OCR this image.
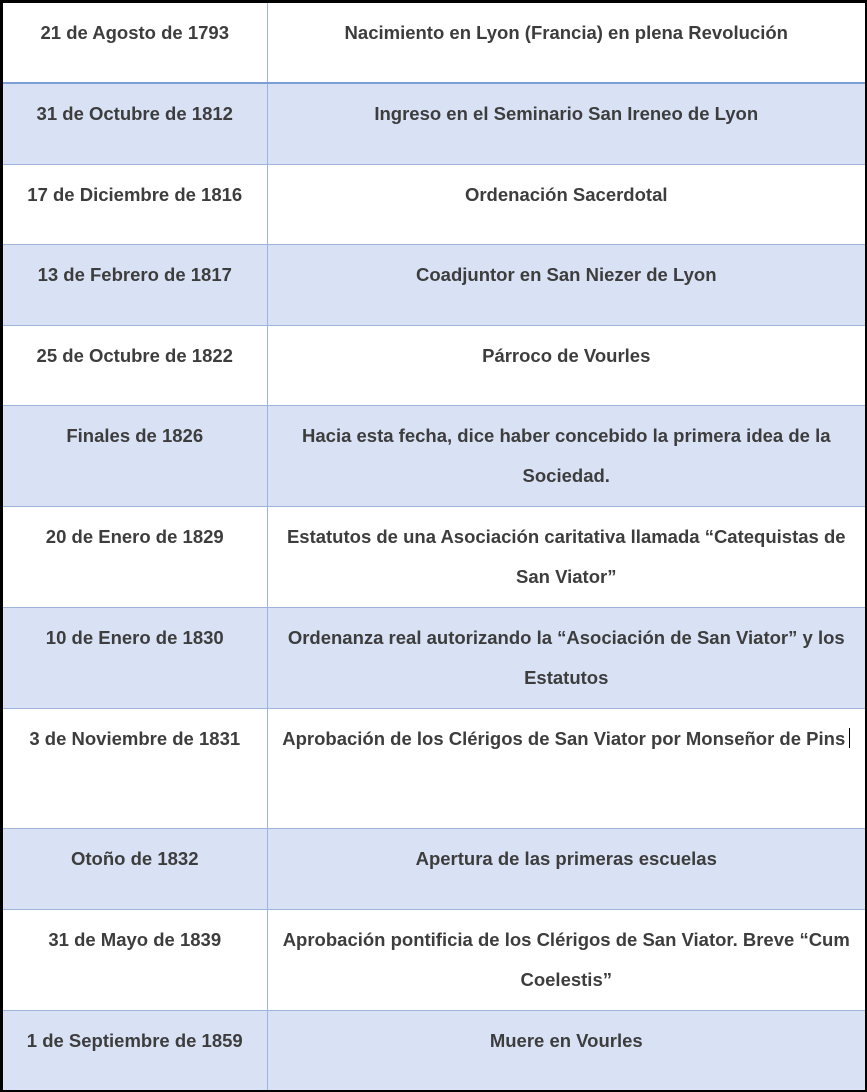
21 de Agosto de 1793	Nacimiento en Lyon (Francia) en plena Revolución
31 de Octubre de 1812	Ingreso en el Seminario San Ireneo de Lyon
17 de Diciembre de 1816	Ordenación Sacerdotal
13 de Febrero de 1817	Coadjuntor en San Niezer de Lyon
25 de Octubre de 1822	Párroco de Vourles
Finales de 1826	Hacia esta fecha, dice haber concebido la primera idea de la Sociedad.
20 de Enero de 1829	Estatutos de una Asociación caritativa llamada “Catequistas de San Viator”
10 de Enero de 1830	Ordenanza real autorizando la “Asociación de San Viator” y los Estatutos
3 de Noviembre de 1831	Aprobación de los Clérigos de San Viator por Monseñor de Pins
Otoño de 1832	Apertura de las primeras escuelas
31 de Mayo de 1839	Aprobación pontificia de los Clérigos de San Viator. Breve “Cum Coelestis”
1 de Septiembre de 1859	Muere en Vourles
